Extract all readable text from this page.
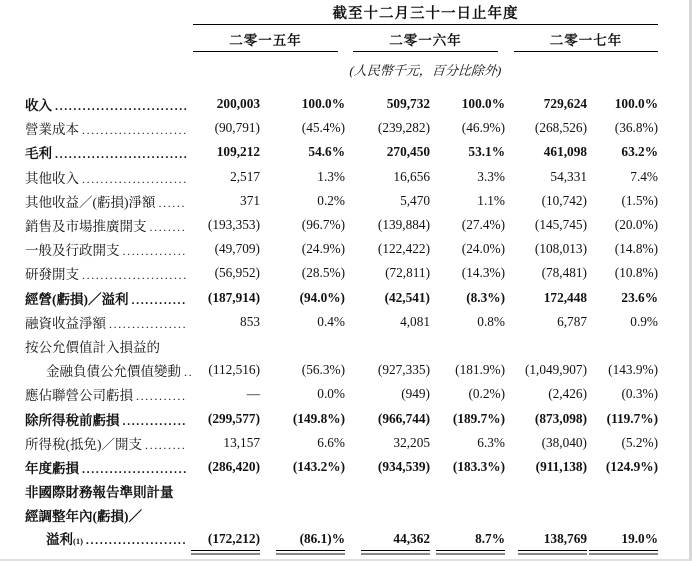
截至十二月三十一日止年度
二零一五年	二零一六年	二零一七年
(人民幣千元，百分比除外)
收入 .....	200,003	100.0%	509,732	100.0%	729,624	100.0%
營業成本 .....	(90,791)	(45.4%)	(239,282)	(46.9%)	(268,526)	(36.8%)
毛利 .....	109,212	54.6%	270,450	53.1%	461,098	63.2%
其他收入 .....	2,517	1.3%	16,656	3.3%	54,331	7.4%
其他收益／(虧損)淨額 .....	371	0.2%	5,470	1.1%	(10,742)	(1.5%)
銷售及市場推廣開支 .....	(193,353)	(96.7%)	(139,884)	(27.4%)	(145,745)	(20.0%)
一般及行政開支 .....	(49,709)	(24.9%)	(122,422)	(24.0%)	(108,013)	(14.8%)
研發開支 .....	(56,952)	(28.5%)	(72,811)	(14.3%)	(78,481)	(10.8%)
經營(虧損)／溢利 .....	(187,914)	(94.0%)	(42,541)	(8.3%)	172,448	23.6%
融資收益淨額 .....	853	0.4%	4,081	0.8%	6,787	0.9%
按公允價值計入損益的
金融負債公允價值變動 .....	(112,516)	(56.3%)	(927,335)	(181.9%)	(1,049,907)	(143.9%)
應佔聯營公司虧損 .....	—	0.0%	(949)	(0.2%)	(2,426)	(0.3%)
除所得稅前虧損 .....	(299,577)	(149.8%)	(966,744)	(189.7%)	(873,098)	(119.7%)
所得稅(抵免)／開支 .....	13,157	6.6%	32,205	6.3%	(38,040)	(5.2%)
年度虧損 .....	(286,420)	(143.2%)	(934,539)	(183.3%)	(911,138)	(124.9%)
非國際財務報告準則計量
經調整年內(虧損)／
溢利 (1) .....	(172,212)	(86.1)%	44,362	8.7%	138,769	19.0%
